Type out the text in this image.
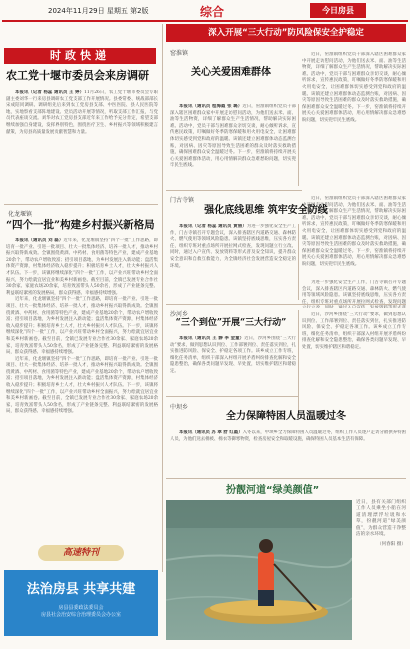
2024年11月29日 星期五 第2版	综合	今日房县
时政快递
农工党十堰市委员会来房调研

本报讯（记者 杨蕊 通讯员 王 婷）11月26日，农工党十堰市委员会专职副主委刘华一行来房县调研农工党支部工作开展情况。县委常委、统战部部长宋成陪同调研。调研组先后来到农工党房县支部、中医医院、县人民医院等地，实地察看支部阵地建设、党员活动开展等情况，听取支部工作汇报，与党员代表座谈交流。刘华对农工党房县支部近年来工作给予充分肯定，希望支部继续加强自身建设，发挥界别特色，围绕医疗卫生、乡村振兴等领域积极建言献策，为房县高质量发展贡献智慧和力量。

化龙堰镇
“四个一批”构建乡村振兴新格局

本报讯（通讯员 刘 磊）近年来，化龙堰镇坚持“四个一批”工作思路，即培育一批产业、引进一批项目、壮大一批集体经济、培养一批人才，推动乡村振兴取得新成效。全镇围绕黄酒、中药材、食用菌等特色产业，建成产业基地20余个，带动农户增收致富；招引项目落地，为乡村发展注入新动能；盘活集体资产资源，村集体经济收入稳步提升；积极培育乡土人才，壮大乡村振兴人才队伍。下一步，该镇将继续深化“四个一批”工作，以产业兴旺带动乡村全面振兴，努力绘就宜居宜业和美乡村新画卷。截至目前，全镇已发展专业合作社30余家、家庭农场20余家，培育致富带头人50余名，形成了产业链条完整、利益联结紧密的发展格局，群众获得感、幸福感持续增强。

近年来，化龙堰镇坚持“四个一批”工作思路，即培育一批产业、引进一批项目、壮大一批集体经济、培养一批人才，推动乡村振兴取得新成效。全镇围绕黄酒、中药材、食用菌等特色产业，建成产业基地20余个，带动农户增收致富；招引项目落地，为乡村发展注入新动能；盘活集体资产资源，村集体经济收入稳步提升；积极培育乡土人才，壮大乡村振兴人才队伍。下一步，该镇将继续深化“四个一批”工作，以产业兴旺带动乡村全面振兴，努力绘就宜居宜业和美乡村新画卷。截至目前，全镇已发展专业合作社30余家、家庭农场20余家，培育致富带头人50余名，形成了产业链条完整、利益联结紧密的发展格局，群众获得感、幸福感持续增强。

近年来，化龙堰镇坚持“四个一批”工作思路，即培育一批产业、引进一批项目、壮大一批集体经济、培养一批人才，推动乡村振兴取得新成效。全镇围绕黄酒、中药材、食用菌等特色产业，建成产业基地20余个，带动农户增收致富；招引项目落地，为乡村发展注入新动能；盘活集体资产资源，村集体经济收入稳步提升；积极培育乡土人才，壮大乡村振兴人才队伍。下一步，该镇将继续深化“四个一批”工作，以产业兴旺带动乡村全面振兴，努力绘就宜居宜业和美乡村新画卷。截至目前，全镇已发展专业合作社30余家、家庭农场20余家，培育致富带头人50余名，形成了产业链条完整、利益联结紧密的发展格局，群众获得感、幸福感持续增强。

高速特刊
法治房县 共享共建
房县县委政法委员会
房县社会治安综合治理委员会办公室
深入开展“三大行动”防风险保安全护稳定
窑淮镇
关心关爱困难群体

本报讯（通讯员 程海霞 张 璐）近日，窑淮镇组织党员干部深入辖区困难群众家中开展走访慰问活动，为他们送去米、面、油等生活物资，详细了解群众生产生活情况，帮助解决实际困难。活动中，党员干部与困难群众亲切交谈，耐心倾听诉求，宣传惠民政策，叮嘱做好冬季防寒保暖和用火用电安全，让困难群体切实感受到党和政府的温暖。该镇还建立困难群体动态监测台账，对因病、因灾等原因导致生活困难的群众及时落实救助措施，确保困难群众安全温暖过冬。下一步，窑淮镇将持续开展关心关爱困难群体活动，用心用情解决群众急难愁盼问题，切实兜牢民生底线。

近日，窑淮镇组织党员干部深入辖区困难群众家中开展走访慰问活动，为他们送去米、面、油等生活物资，详细了解群众生产生活情况，帮助解决实际困难。活动中，党员干部与困难群众亲切交谈，耐心倾听诉求，宣传惠民政策，叮嘱做好冬季防寒保暖和用火用电安全，让困难群体切实感受到党和政府的温暖。该镇还建立困难群体动态监测台账，对因病、因灾等原因导致生活困难的群众及时落实救助措施，确保困难群众安全温暖过冬。下一步，窑淮镇将持续开展关心关爱困难群体活动，用心用情解决群众急难愁盼问题，切实兜牢民生底线。

近日，窑淮镇组织党员干部深入辖区困难群众家中开展走访慰问活动，为他们送去米、面、油等生活物资，详细了解群众生产生活情况，帮助解决实际困难。活动中，党员干部与困难群众亲切交谈，耐心倾听诉求，宣传惠民政策，叮嘱做好冬季防寒保暖和用火用电安全，让困难群体切实感受到党和政府的温暖。该镇还建立困难群体动态监测台账，对因病、因灾等原因导致生活困难的群众及时落实救助措施，确保困难群众安全温暖过冬。下一步，窑淮镇将持续开展关心关爱困难群体活动，用心用情解决群众急难愁盼问题，切实兜牢民生底线。

门古寺镇
强化底线思维 筑牢安全防线

本报讯（记者 杨蕊 通讯员 黄丽）为进一步强化安全生产工作，门古寺镇召开专题会议，深入排查辖区内道路交通、森林防火、燃气使用等领域风险隐患。该镇坚持底线思维，压实各方责任，组织专班对重点场所开展拉网式检查，发现问题立行立改。同时，通过入户宣传、发放资料等形式普及安全知识，提升群众安全意识和自救互救能力，为全镇经济社会发展营造安全稳定的环境。

为进一步强化安全生产工作，门古寺镇召开专题会议，深入排查辖区内道路交通、森林防火、燃气使用等领域风险隐患。该镇坚持底线思维，压实各方责任，组织专班对重点场所开展拉网式检查，发现问题

沙河乡
“三个到位”开展“三大行动”

本报讯（通讯员 王 静 李 金童）近日，沙河乡围绕“三大行动”要求，做到思想认识到位、工作部署到位、责任落实到位，扎实推进防风险、保安全、护稳定各项工作。该乡成立工作专班，细化任务清单，组织干部深入村组开展矛盾纠纷排查化解和安全隐患整治，确保各类问题早发现、早处置，切实维护辖区和谐稳定。

近日，沙河乡围绕“三大行动”要求，做到思想认识到位、工作部署到位、责任落实到位，扎实推进防风险、保安全、护稳定各项工作。该乡成立工作专班，细化任务清单，组织干部深入村组开展矛盾纠纷排查化解和安全隐患整治，确保各类问题早发现、早处置，切实维护辖区和谐稳定。

中坝乡
全力保障特困人员温暖过冬

本报讯（通讯员 苏 翠 舒 红霞）入冬以来，中坝乡全力保障特困人员温暖过冬，组织工作人员逐户走访分散供养特困人员，为他们送去棉被、棉衣等御寒物资，检查房屋安全和取暖设施，确保特困人员基本生活有保障。

扮靓河道“绿美颜值”
近日，县有关部门组织工作人员乘坐小船在河道清理漂浮垃圾和水草，扮靓河道“绿美颜值”，为群众营造干净整洁的亲水环境。
（何春阳 摄）
